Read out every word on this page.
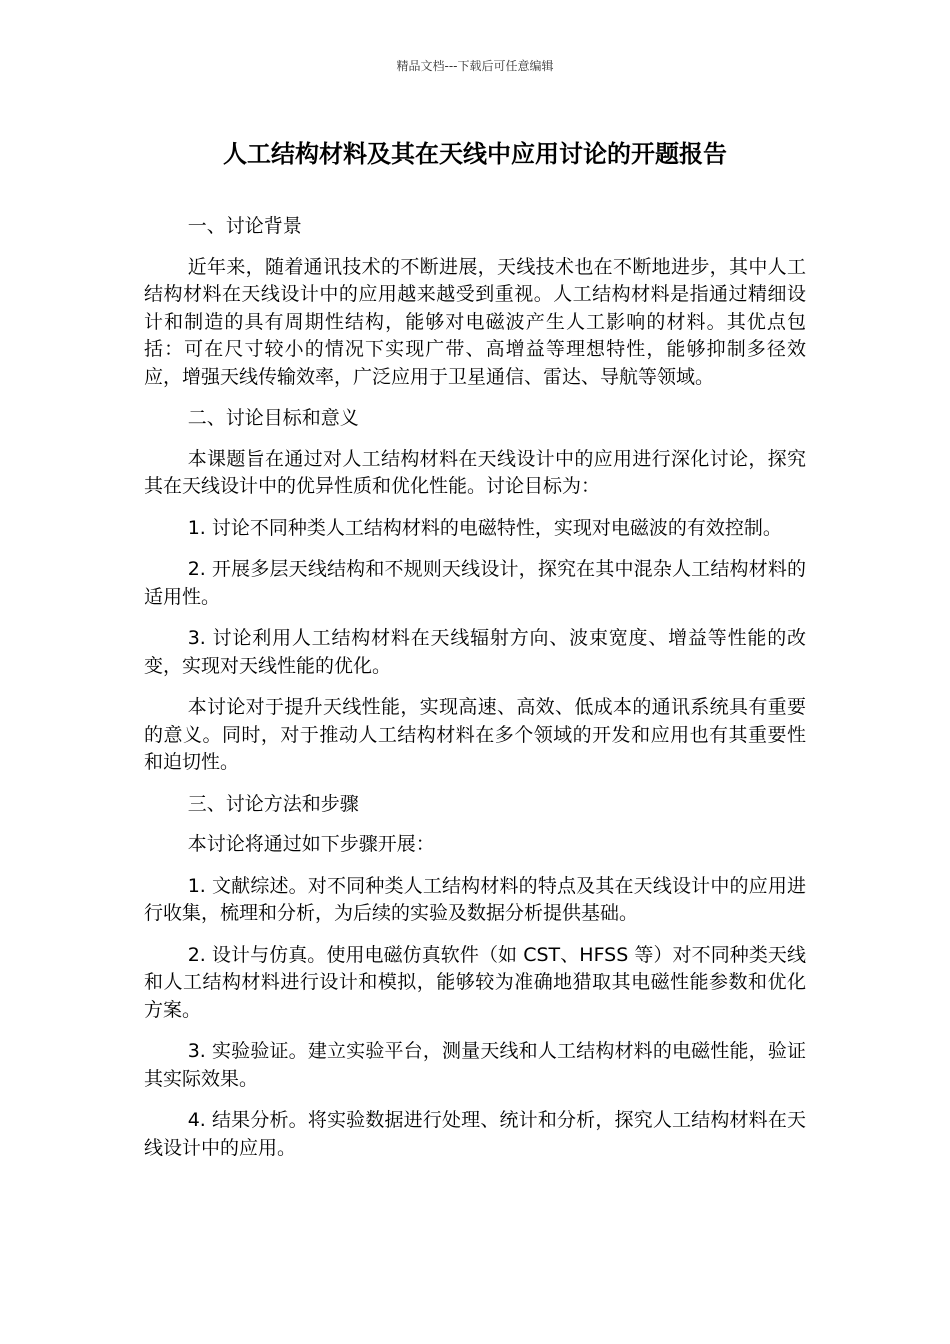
精品文档---下载后可任意编辑
人工结构材料及其在天线中应用讨论的开题报告

一、讨论背景

近年来，随着通讯技术的不断进展，天线技术也在不断地进步，其中人工结构材料在天线设计中的应用越来越受到重视。人工结构材料是指通过精细设计和制造的具有周期性结构，能够对电磁波产生人工影响的材料。其优点包括：可在尺寸较小的情况下实现广带、高增益等理想特性，能够抑制多径效应，增强天线传输效率，广泛应用于卫星通信、雷达、导航等领域。

二、讨论目标和意义

本课题旨在通过对人工结构材料在天线设计中的应用进行深化讨论，探究其在天线设计中的优异性质和优化性能。讨论目标为：

1. 讨论不同种类人工结构材料的电磁特性，实现对电磁波的有效控制。

2. 开展多层天线结构和不规则天线设计，探究在其中混杂人工结构材料的适用性。

3. 讨论利用人工结构材料在天线辐射方向、波束宽度、增益等性能的改变，实现对天线性能的优化。

本讨论对于提升天线性能，实现高速、高效、低成本的通讯系统具有重要的意义。同时，对于推动人工结构材料在多个领域的开发和应用也有其重要性和迫切性。

三、讨论方法和步骤

本讨论将通过如下步骤开展：

1. 文献综述。对不同种类人工结构材料的特点及其在天线设计中的应用进行收集，梳理和分析，为后续的实验及数据分析提供基础。

2. 设计与仿真。使用电磁仿真软件（如 CST、HFSS 等）对不同种类天线和人工结构材料进行设计和模拟，能够较为准确地猎取其电磁性能参数和优化方案。

3. 实验验证。建立实验平台，测量天线和人工结构材料的电磁性能，验证其实际效果。

4. 结果分析。将实验数据进行处理、统计和分析，探究人工结构材料在天线设计中的应用。
